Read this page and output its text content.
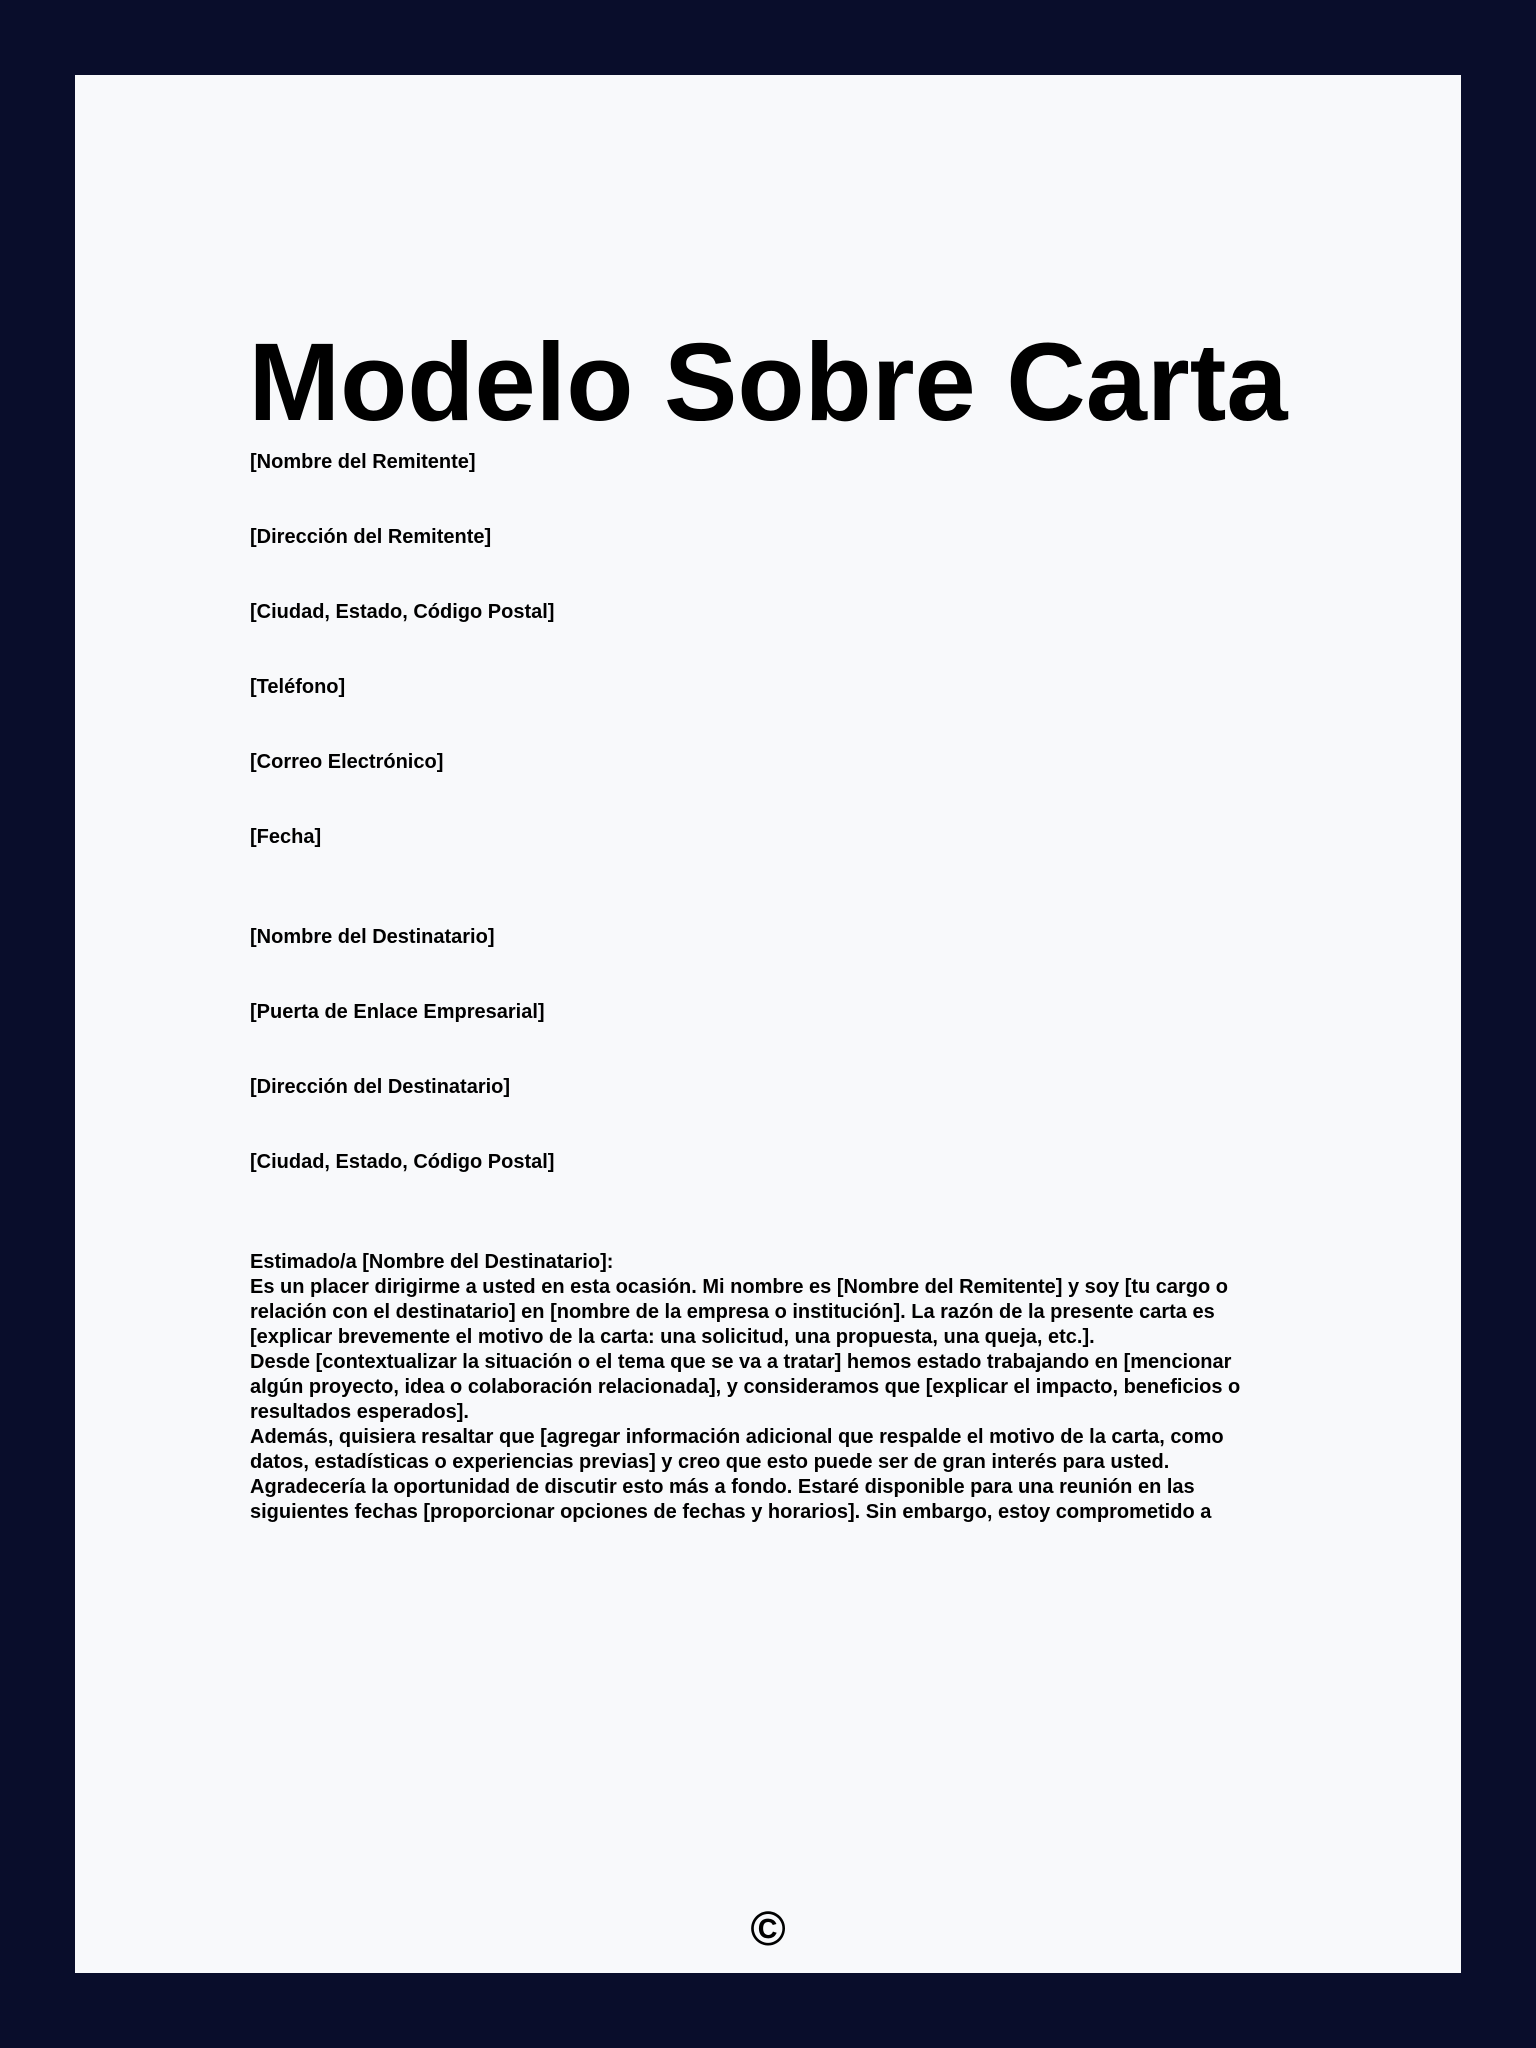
Modelo Sobre Carta

[Nombre del Remitente]

[Dirección del Remitente]

[Ciudad, Estado, Código Postal]

[Teléfono]

[Correo Electrónico]

[Fecha]

[Nombre del Destinatario]

[Puerta de Enlace Empresarial]

[Dirección del Destinatario]

[Ciudad, Estado, Código Postal]

Estimado/a [Nombre del Destinatario]:

Es un placer dirigirme a usted en esta ocasión. Mi nombre es [Nombre del Remitente] y soy [tu cargo o relación con el destinatario] en [nombre de la empresa o institución]. La razón de la presente carta es [explicar brevemente el motivo de la carta: una solicitud, una propuesta, una queja, etc.].

Desde [contextualizar la situación o el tema que se va a tratar] hemos estado trabajando en [mencionar algún proyecto, idea o colaboración relacionada], y consideramos que [explicar el impacto, beneficios o resultados esperados].

Además, quisiera resaltar que [agregar información adicional que respalde el motivo de la carta, como datos, estadísticas o experiencias previas] y creo que esto puede ser de gran interés para usted.

Agradecería la oportunidad de discutir esto más a fondo. Estaré disponible para una reunión en las siguientes fechas [proporcionar opciones de fechas y horarios]. Sin embargo, estoy comprometido a

©
